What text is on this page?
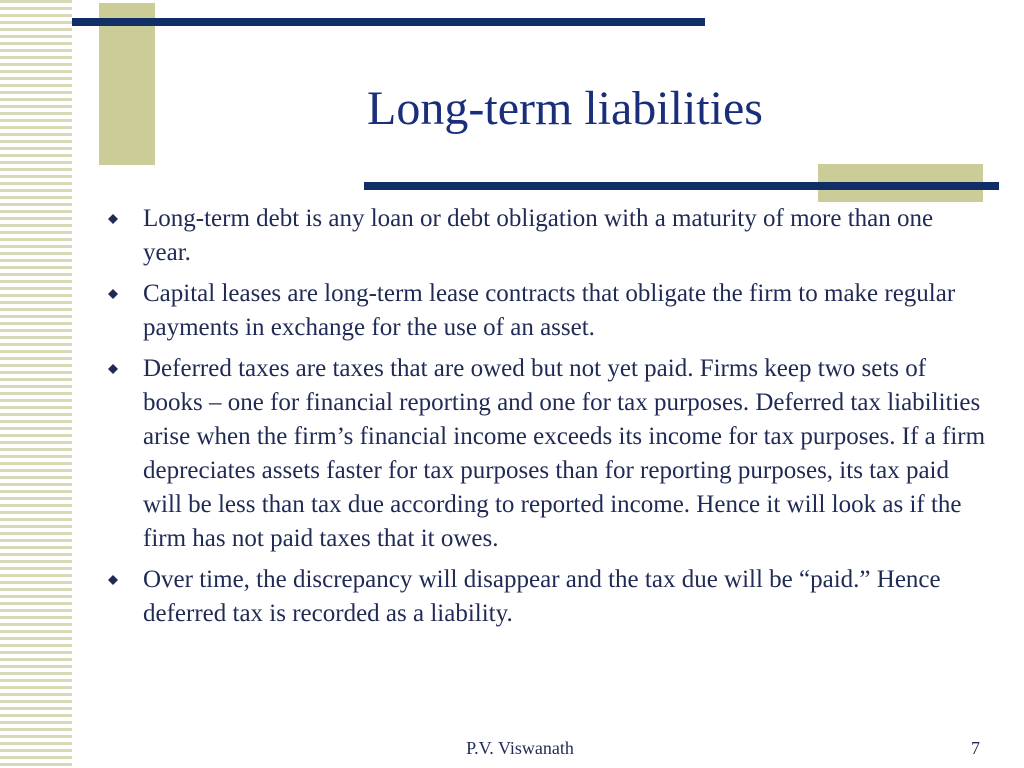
Long-term liabilities
Long-term debt is any loan or debt obligation with a maturity of more than one year.
Capital leases are long-term lease contracts that obligate the firm to make regular payments in exchange for the use of an asset.
Deferred taxes are taxes that are owed but not yet paid. Firms keep two sets of books – one for financial reporting and one for tax purposes. Deferred tax liabilities arise when the firm’s financial income exceeds its income for tax purposes. If a firm depreciates assets faster for tax purposes than for reporting purposes, its tax paid will be less than tax due according to reported income. Hence it will look as if the firm has not paid taxes that it owes.
Over time, the discrepancy will disappear and the tax due will be “paid.” Hence deferred tax is recorded as a liability.
P.V. Viswanath	7
